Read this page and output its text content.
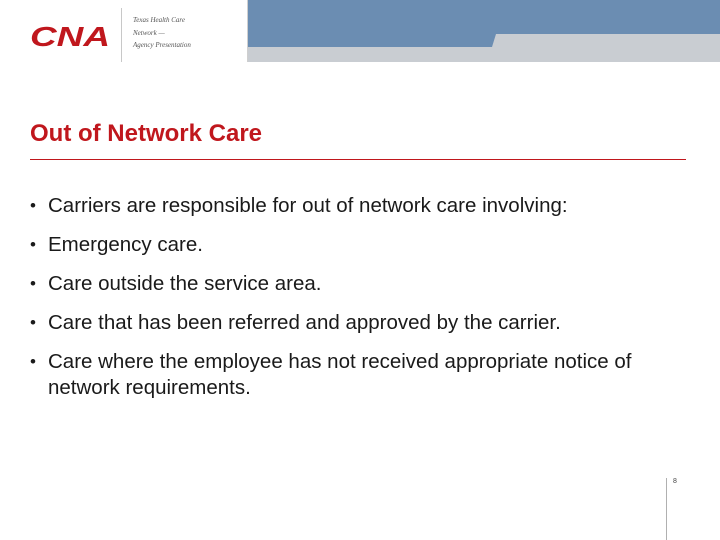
CNA
Texas Health Care
Network —
Agency Presentation
Out of Network Care
• Carriers are responsible for out of network care involving:
• Emergency care.
• Care outside the service area.
• Care that has been referred and approved by the carrier.
• Care where the employee has not received appropriate notice of network requirements.
8
